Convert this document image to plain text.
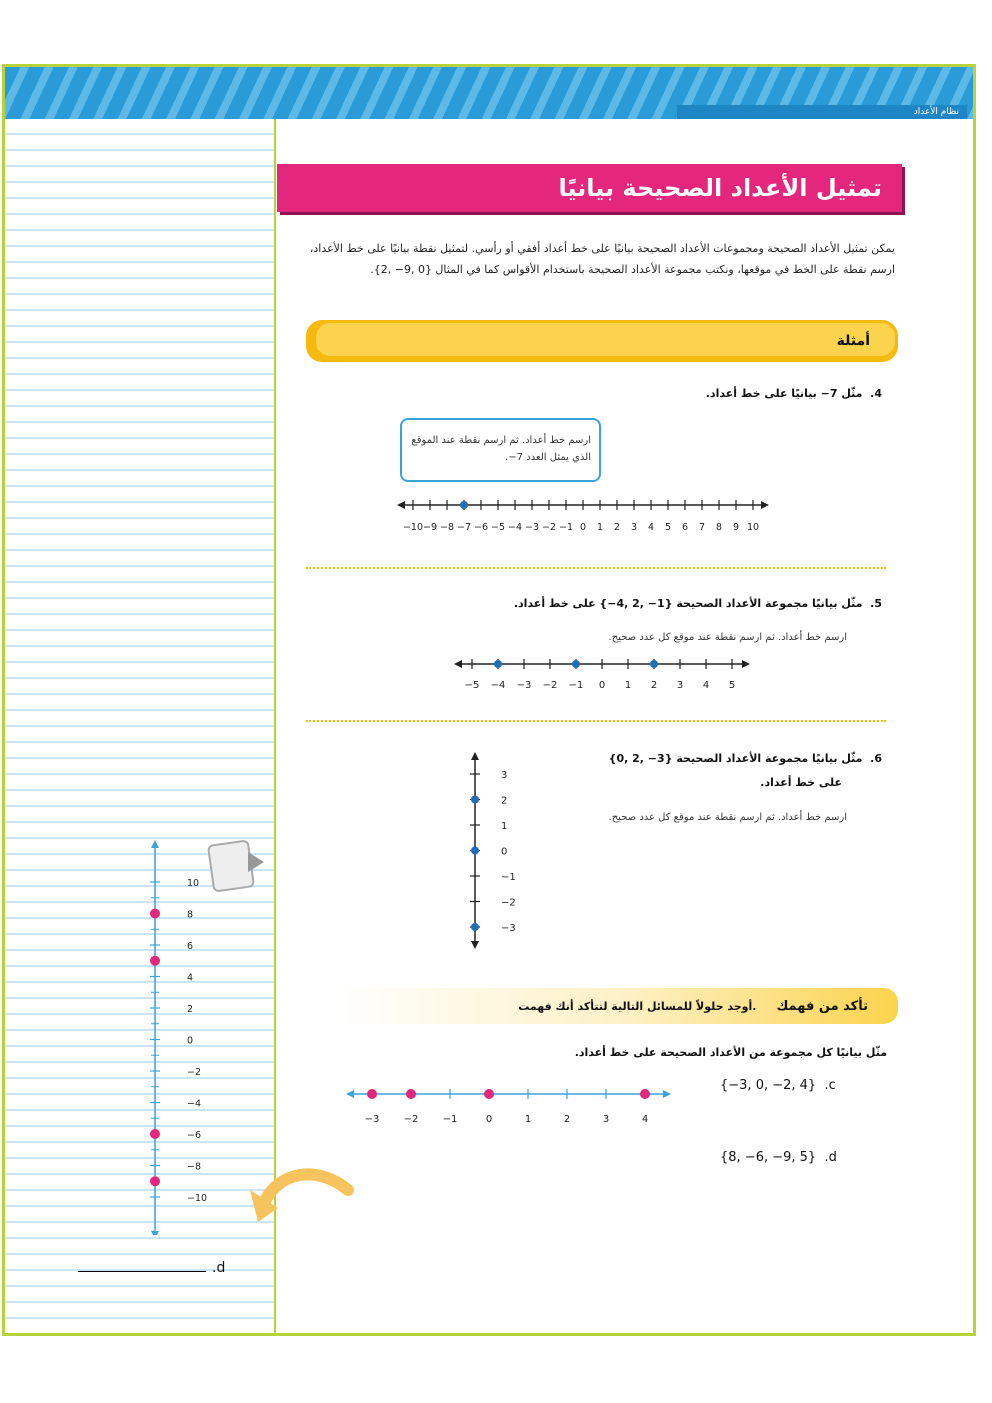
نظام الأعداد
10
8
6
4
2
0
−2
−4
−6
−8
−10
.d
تمثيل الأعداد الصحيحة بيانيًا
يمكن تمثيل الأعداد الصحيحة ومجموعات الأعداد الصحيحة بيانيًا على خط أعداد أفقي أو رأسي. لتمثيل نقطة بيانيًا على خط الأعداد، ارسم نقطة على الخط في موقعها، ونكتب مجموعة الأعداد الصحيحة باستخدام الأقواس كما في المثال {0 ,9− ,2}.
أمثلة
4.  مثّل 7− بيانيًا على خط أعداد.
ارسم خط أعداد. ثم ارسم نقطة عند الموقع الذي يمثل العدد 7−.
−10 −9 −8 −7 −6 −5 −4 −3 −2 −1 0 1 2 3 4 5 6 7 8 9 10
5.  مثّل بيانيًا مجموعة الأعداد الصحيحة {1− ,2 ,4−} على خط أعداد.
ارسم خط أعداد. ثم ارسم نقطة عند موقع كل عدد صحيح.
−5 −4 −3 −2 −1 0 1 2 3 4 5
6.  مثّل بيانيًا مجموعة الأعداد الصحيحة {3− ,2 ,0}
على خط أعداد.
ارسم خط أعداد. ثم ارسم نقطة عند موقع كل عدد صحيح.
3
2
1
0
−1
−2
−3
أوجد حلولاً للمسائل التالية لتتأكد أنك فهمت. تأكد من فهمك
مثّل بيانيًا كل مجموعة من الأعداد الصحيحة على خط أعداد.
{−3, 0, −2, 4} .c
−3 −2 −1	0	1	2	3	4
{8, −6, −9, 5} .d
